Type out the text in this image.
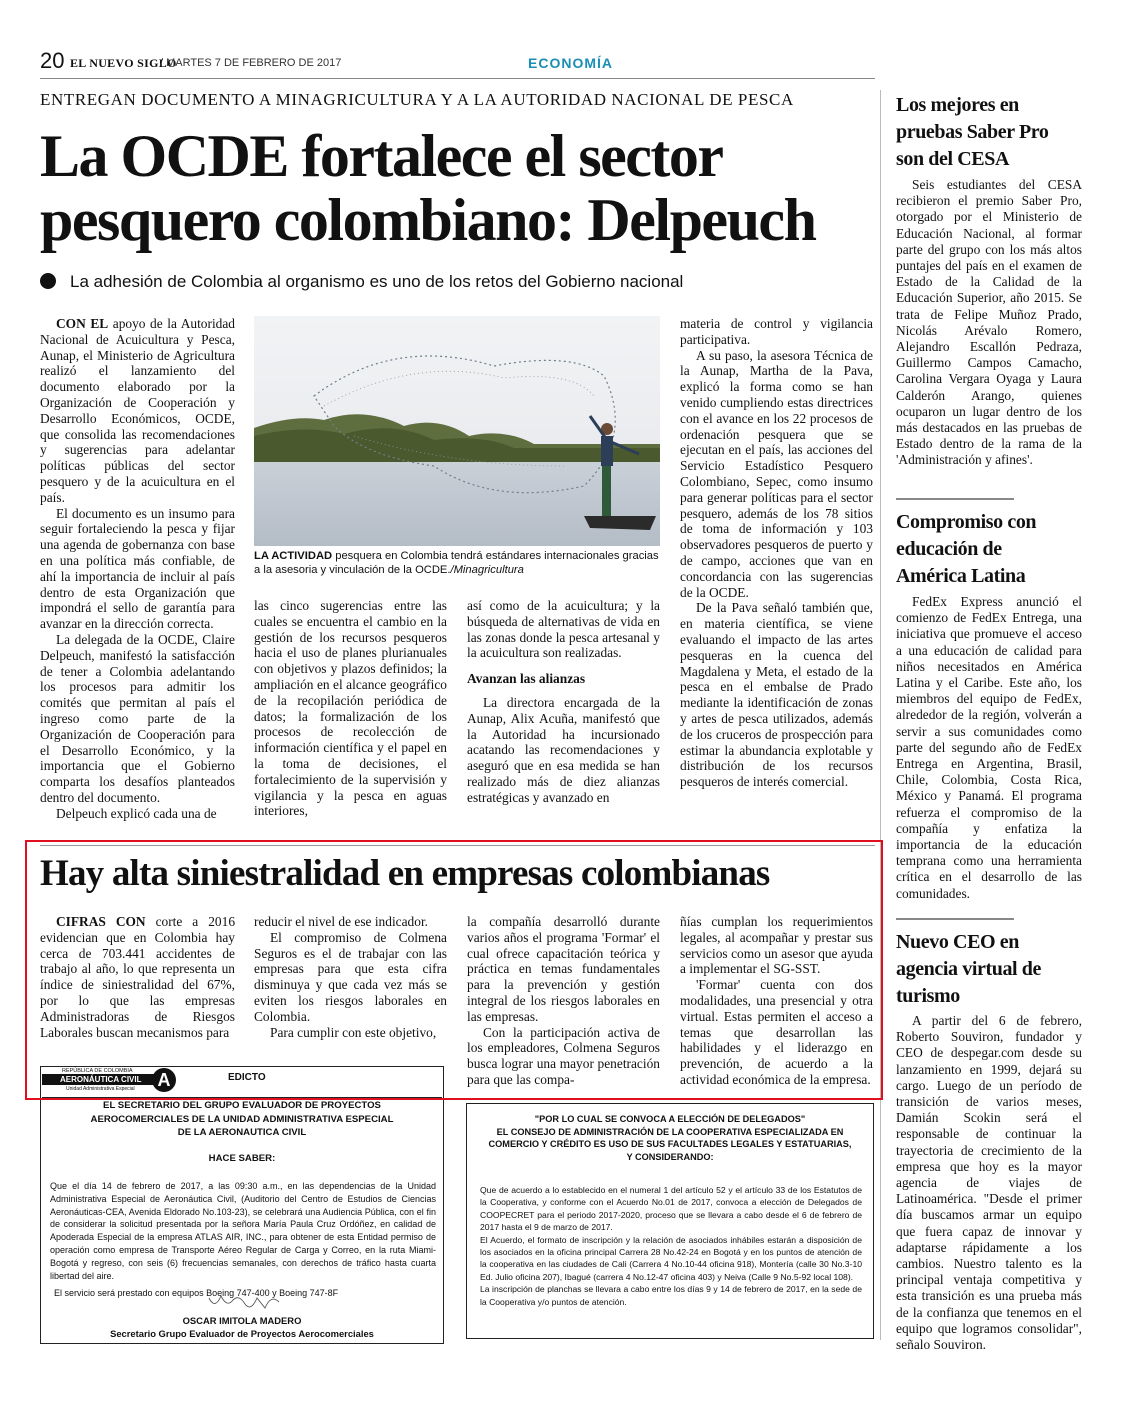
20 EL NUEVO SIGLO
/ MARTES 7 DE FEBRERO DE 2017	ECONOMÍA
ENTREGAN DOCUMENTO A MINAGRICULTURA Y A LA AUTORIDAD NACIONAL DE PESCA
La OCDE fortalece el sector pesquero colombiano: Delpeuch
La adhesión de Colombia al organismo es uno de los retos del Gobierno nacional

CON EL apoyo de la Autoridad Nacional de Acuicultura y Pesca, Aunap, el Ministerio de Agricultura realizó el lanzamiento del documento elaborado por la Organización de Cooperación y Desarrollo Económicos, OCDE, que consolida las recomendaciones y sugerencias para adelantar políticas públicas del sector pesquero y de la acuicultura en el país.

El documento es un insumo para seguir fortaleciendo la pesca y fijar una agenda de gobernanza con base en una política más confiable, de ahí la importancia de incluir al país dentro de esta Organización que impondrá el sello de garantía para avanzar en la dirección correcta.

La delegada de la OCDE, Claire Delpeuch, manifestó la satisfacción de tener a Colombia adelantando los procesos para admitir los comités que permitan al país el ingreso como parte de la Organización de Cooperación para el Desarrollo Económico, y la importancia que el Gobierno comparta los desafíos planteados dentro del documento.

Delpeuch explicó cada una de

LA ACTIVIDAD pesquera en Colombia tendrá estándares internacionales gracias a la asesoria y vinculación de la OCDE./Minagricultura

las cinco sugerencias entre las cuales se encuentra el cambio en la gestión de los recursos pesqueros hacia el uso de planes plurianuales con objetivos y plazos definidos; la ampliación en el alcance geográfico de la recopilación periódica de datos; la formalización de los procesos de recolección de información científica y el papel en la toma de decisiones, el fortalecimiento de la supervisión y vigilancia y la pesca en aguas interiores,

así como de la acuicultura; y la búsqueda de alternativas de vida en las zonas donde la pesca artesanal y la acuicultura son realizadas.

Avanzan las alianzas

La directora encargada de la Aunap, Alix Acuña, manifestó que la Autoridad ha incursionado acatando las recomendaciones y aseguró que en esa medida se han realizado más de diez alianzas estratégicas y avanzado en

materia de control y vigilancia participativa.

A su paso, la asesora Técnica de la Aunap, Martha de la Pava, explicó la forma como se han venido cumpliendo estas directrices con el avance en los 22 procesos de ordenación pesquera que se ejecutan en el país, las acciones del Servicio Estadístico Pesquero Colombiano, Sepec, como insumo para generar políticas para el sector pesquero, además de los 78 sitios de toma de información y 103 observadores pesqueros de puerto y de campo, acciones que van en concordancia con las sugerencias de la OCDE.

De la Pava señaló también que, en materia científica, se viene evaluando el impacto de las artes pesqueras en la cuenca del Magdalena y Meta, el estado de la pesca en el embalse de Prado mediante la identificación de zonas y artes de pesca utilizados, además de los cruceros de prospección para estimar la abundancia explotable y distribución de los recursos pesqueros de interés comercial.

Los mejores en pruebas Saber Pro son del CESA

Seis estudiantes del CESA recibieron el premio Saber Pro, otorgado por el Ministerio de Educación Nacional, al formar parte del grupo con los más altos puntajes del país en el examen de Estado de la Calidad de la Educación Superior, año 2015. Se trata de Felipe Muñoz Prado, Nicolás Arévalo Romero, Alejandro Escallón Pedraza, Guillermo Campos Camacho, Carolina Vergara Oyaga y Laura Calderón Arango, quienes ocuparon un lugar dentro de los más destacados en las pruebas de Estado dentro de la rama de la 'Administración y afines'.

Compromiso con educación de América Latina

FedEx Express anunció el comienzo de FedEx Entrega, una iniciativa que promueve el acceso a una educación de calidad para niños necesitados en América Latina y el Caribe. Este año, los miembros del equipo de FedEx, alrededor de la región, volverán a servir a sus comunidades como parte del segundo año de FedEx Entrega en Argentina, Brasil, Chile, Colombia, Costa Rica, México y Panamá. El programa refuerza el compromiso de la compañía y enfatiza la importancia de la educación temprana como una herramienta crítica en el desarrollo de las comunidades.

Nuevo CEO en agencia virtual de turismo

A partir del 6 de febrero, Roberto Souviron, fundador y CEO de despegar.com desde su lanzamiento en 1999, dejará su cargo. Luego de un período de transición de varios meses, Damián Scokin será el responsable de continuar la trayectoria de crecimiento de la empresa que hoy es la mayor agencia de viajes de Latinoamérica. "Desde el primer día buscamos armar un equipo que fuera capaz de innovar y adaptarse rápidamente a los cambios. Nuestro talento es la principal ventaja competitiva y esta transición es una prueba más de la confianza que tenemos en el equipo que logramos consolidar", señalo Souviron.

Hay alta siniestralidad en empresas colombianas

CIFRAS CON corte a 2016 evidencian que en Colombia hay cerca de 703.441 accidentes de trabajo al año, lo que representa un índice de siniestralidad del 67%, por lo que las empresas Administradoras de Riesgos Laborales buscan mecanismos para

reducir el nivel de ese indicador.

El compromiso de Colmena Seguros es el de trabajar con las empresas para que esta cifra disminuya y que cada vez más se eviten los riesgos laborales en Colombia.

Para cumplir con este objetivo,

la compañía desarrolló durante varios años el programa 'Formar' el cual ofrece capacitación teórica y práctica en temas fundamentales para la prevención y gestión integral de los riesgos laborales en las empresas.

Con la participación activa de los empleadores, Colmena Seguros busca lograr una mayor penetración para que las compa-

ñías cumplan los requerimientos legales, al acompañar y prestar sus servicios como un asesor que ayuda a implementar el SG-SST.

'Formar' cuenta con dos modalidades, una presencial y otra virtual. Estas permiten el acceso a temas que desarrollan las habilidades y el liderazgo en prevención, de acuerdo a la actividad económica de la empresa.

REPÚBLICA DE COLOMBIA
AERONÁUTICA CIVIL
Unidad Administrativa Especial	A	EDICTO
EL SECRETARIO DEL GRUPO EVALUADOR DE PROYECTOS
AEROCOMERCIALES DE LA UNIDAD ADMINISTRATIVA ESPECIAL
DE LA AERONAUTICA CIVIL
HACE SABER:
Que el día 14 de febrero de 2017, a las 09:30 a.m., en las dependencias de la Unidad Administrativa Especial de Aeronáutica Civil, (Auditorio del Centro de Estudios de Ciencias Aeronáuticas-CEA, Avenida Eldorado No.103-23), se celebrará una Audiencia Pública, con el fin de considerar la solicitud presentada por la señora María Paula Cruz Ordóñez, en calidad de Apoderada Especial de la empresa ATLAS AIR, INC., para obtener de esta Entidad permiso de operación como empresa de Transporte Aéreo Regular de Carga y Correo, en la ruta Miami- Bogotá y regreso, con seis (6) frecuencias semanales, con derechos de tráfico hasta cuarta libertad del aire.
El servicio será prestado con equipos Boeing 747-400 y Boeing 747-8F
OSCAR IMITOLA MADERO
Secretario Grupo Evaluador de Proyectos Aerocomerciales
"POR LO CUAL SE CONVOCA A ELECCIÓN DE DELEGADOS"
EL CONSEJO DE ADMINISTRACIÓN DE LA COOPERATIVA ESPECIALIZADA EN
COMERCIO Y CRÉDITO ES USO DE SUS FACULTADES LEGALES Y ESTATUARIAS,
Y CONSIDERANDO:
Que de acuerdo a lo establecido en el numeral 1 del artículo 52 y el artículo 33 de los Estatutos de la Cooperativa, y conforme con el Acuerdo No.01 de 2017, convoca a elección de Delegados de COOPECRET para el periodo 2017-2020, proceso que se llevara a cabo desde el 6 de febrero de 2017 hasta el 9 de marzo de 2017.
El Acuerdo, el formato de inscripción y la relación de asociados inhábiles estarán a disposición de los asociados en la oficina principal Carrera 28 No.42-24 en Bogotá y en los puntos de atención de la cooperativa en las ciudades de Cali (Carrera 4 No.10-44 oficina 918), Montería (calle 30 No.3-10 Ed. Julio oficina 207), Ibagué (carrera 4 No.12-47 oficina 403) y Neiva (Calle 9 No.5-92 local 108).
La inscripción de planchas se llevara a cabo entre los días 9 y 14 de febrero de 2017, en la sede de la Cooperativa y/o puntos de atención.
